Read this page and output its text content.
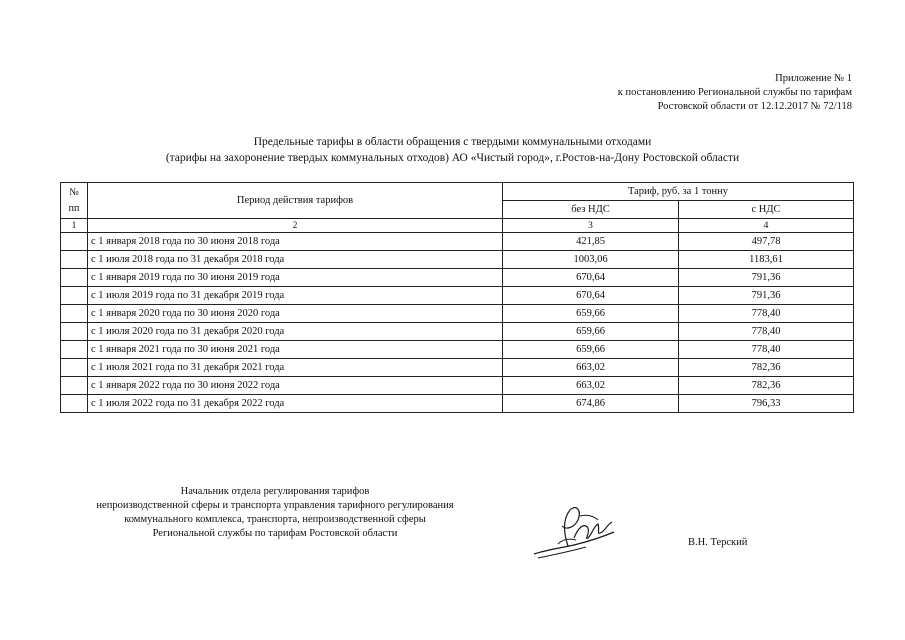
Приложение № 1
к постановлению Региональной службы по тарифам
Ростовской области от 12.12.2017 № 72/118
Предельные тарифы в области обращения с твердыми коммунальными отходами
(тарифы на захоронение твердых коммунальных отходов) АО «Чистый город», г.Ростов-на-Дону Ростовской области
№
пп	Период действия тарифов	Тариф, руб. за 1 тонну	
		без НДС	с НДС
1	2	3	4
	с 1 января 2018 года по 30 июня 2018 года	421,85	497,78
	с 1 июля 2018 года по 31 декабря 2018 года	1003,06	1183,61
	с 1 января 2019 года по 30 июня 2019 года	670,64	791,36
	с 1 июля 2019 года по 31 декабря 2019 года	670,64	791,36
	с 1 января 2020 года по 30 июня 2020 года	659,66	778,40
	с 1 июля 2020 года по 31 декабря 2020 года	659,66	778,40
	с 1 января 2021 года по 30 июня 2021 года	659,66	778,40
	с 1 июля 2021 года по 31 декабря 2021 года	663,02	782,36
	с 1 января 2022 года по 30 июня 2022 года	663,02	782,36
	с 1 июля 2022 года по 31 декабря 2022 года	674,86	796,33
Начальник отдела регулирования тарифов
непроизводственной сферы и транспорта управления тарифного регулирования
коммунального комплекса, транспорта, непроизводственной сферы
Региональной службы по тарифам Ростовской области
В.Н. Терский
